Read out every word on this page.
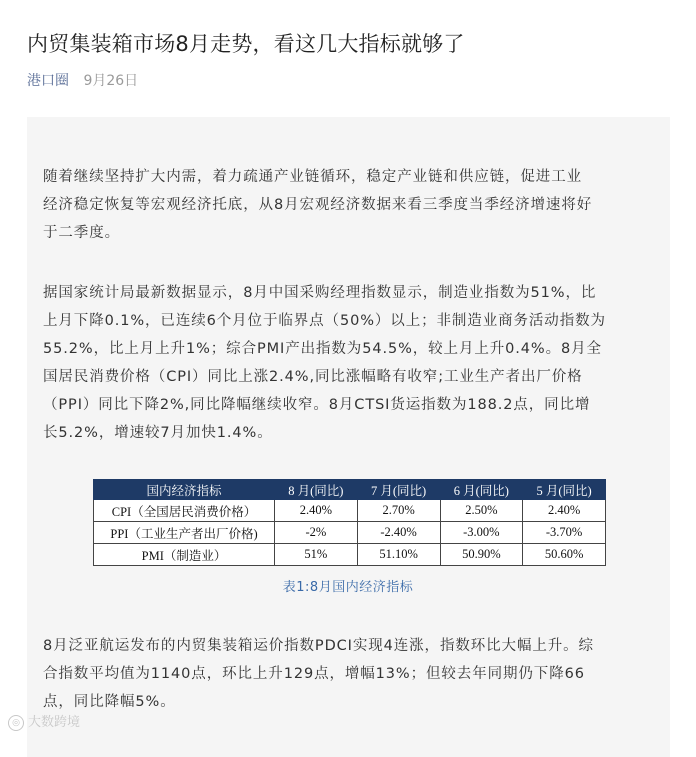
内贸集装箱市场8月走势，看这几大指标就够了
港口圈 9月26日
随着继续坚持扩大内需，着力疏通产业链循环，稳定产业链和供应链，促进工业
经济稳定恢复等宏观经济托底，从8月宏观经济数据来看三季度当季经济增速将好
于二季度。
据国家统计局最新数据显示，8月中国采购经理指数显示，制造业指数为51%，比
上月下降0.1%，已连续6个月位于临界点（50%）以上；非制造业商务活动指数为
55.2%，比上月上升1%；综合PMI产出指数为54.5%，较上月上升0.4%。8月全
国居民消费价格（CPI）同比上涨2.4%,同比涨幅略有收窄;工业生产者出厂价格
（PPI）同比下降2%,同比降幅继续收窄。8月CTSI货运指数为188.2点，同比增
长5.2%，增速较7月加快1.4%。
国内经济指标	8 月(同比)	7 月(同比)	6 月(同比)	5 月(同比)
CPI（全国居民消费价格）	2.40%	2.70%	2.50%	2.40%
PPI（工业生产者出厂价格)	-2%	-2.40%	-3.00%	-3.70%
PMI（制造业）	51%	51.10%	50.90%	50.60%
表1:8月国内经济指标
8月泛亚航运发布的内贸集装箱运价指数PDCI实现4连涨，指数环比大幅上升。综
合指数平均值为1140点，环比上升129点，增幅13%；但较去年同期仍下降66
点，同比降幅5%。
◎ 大数跨境
